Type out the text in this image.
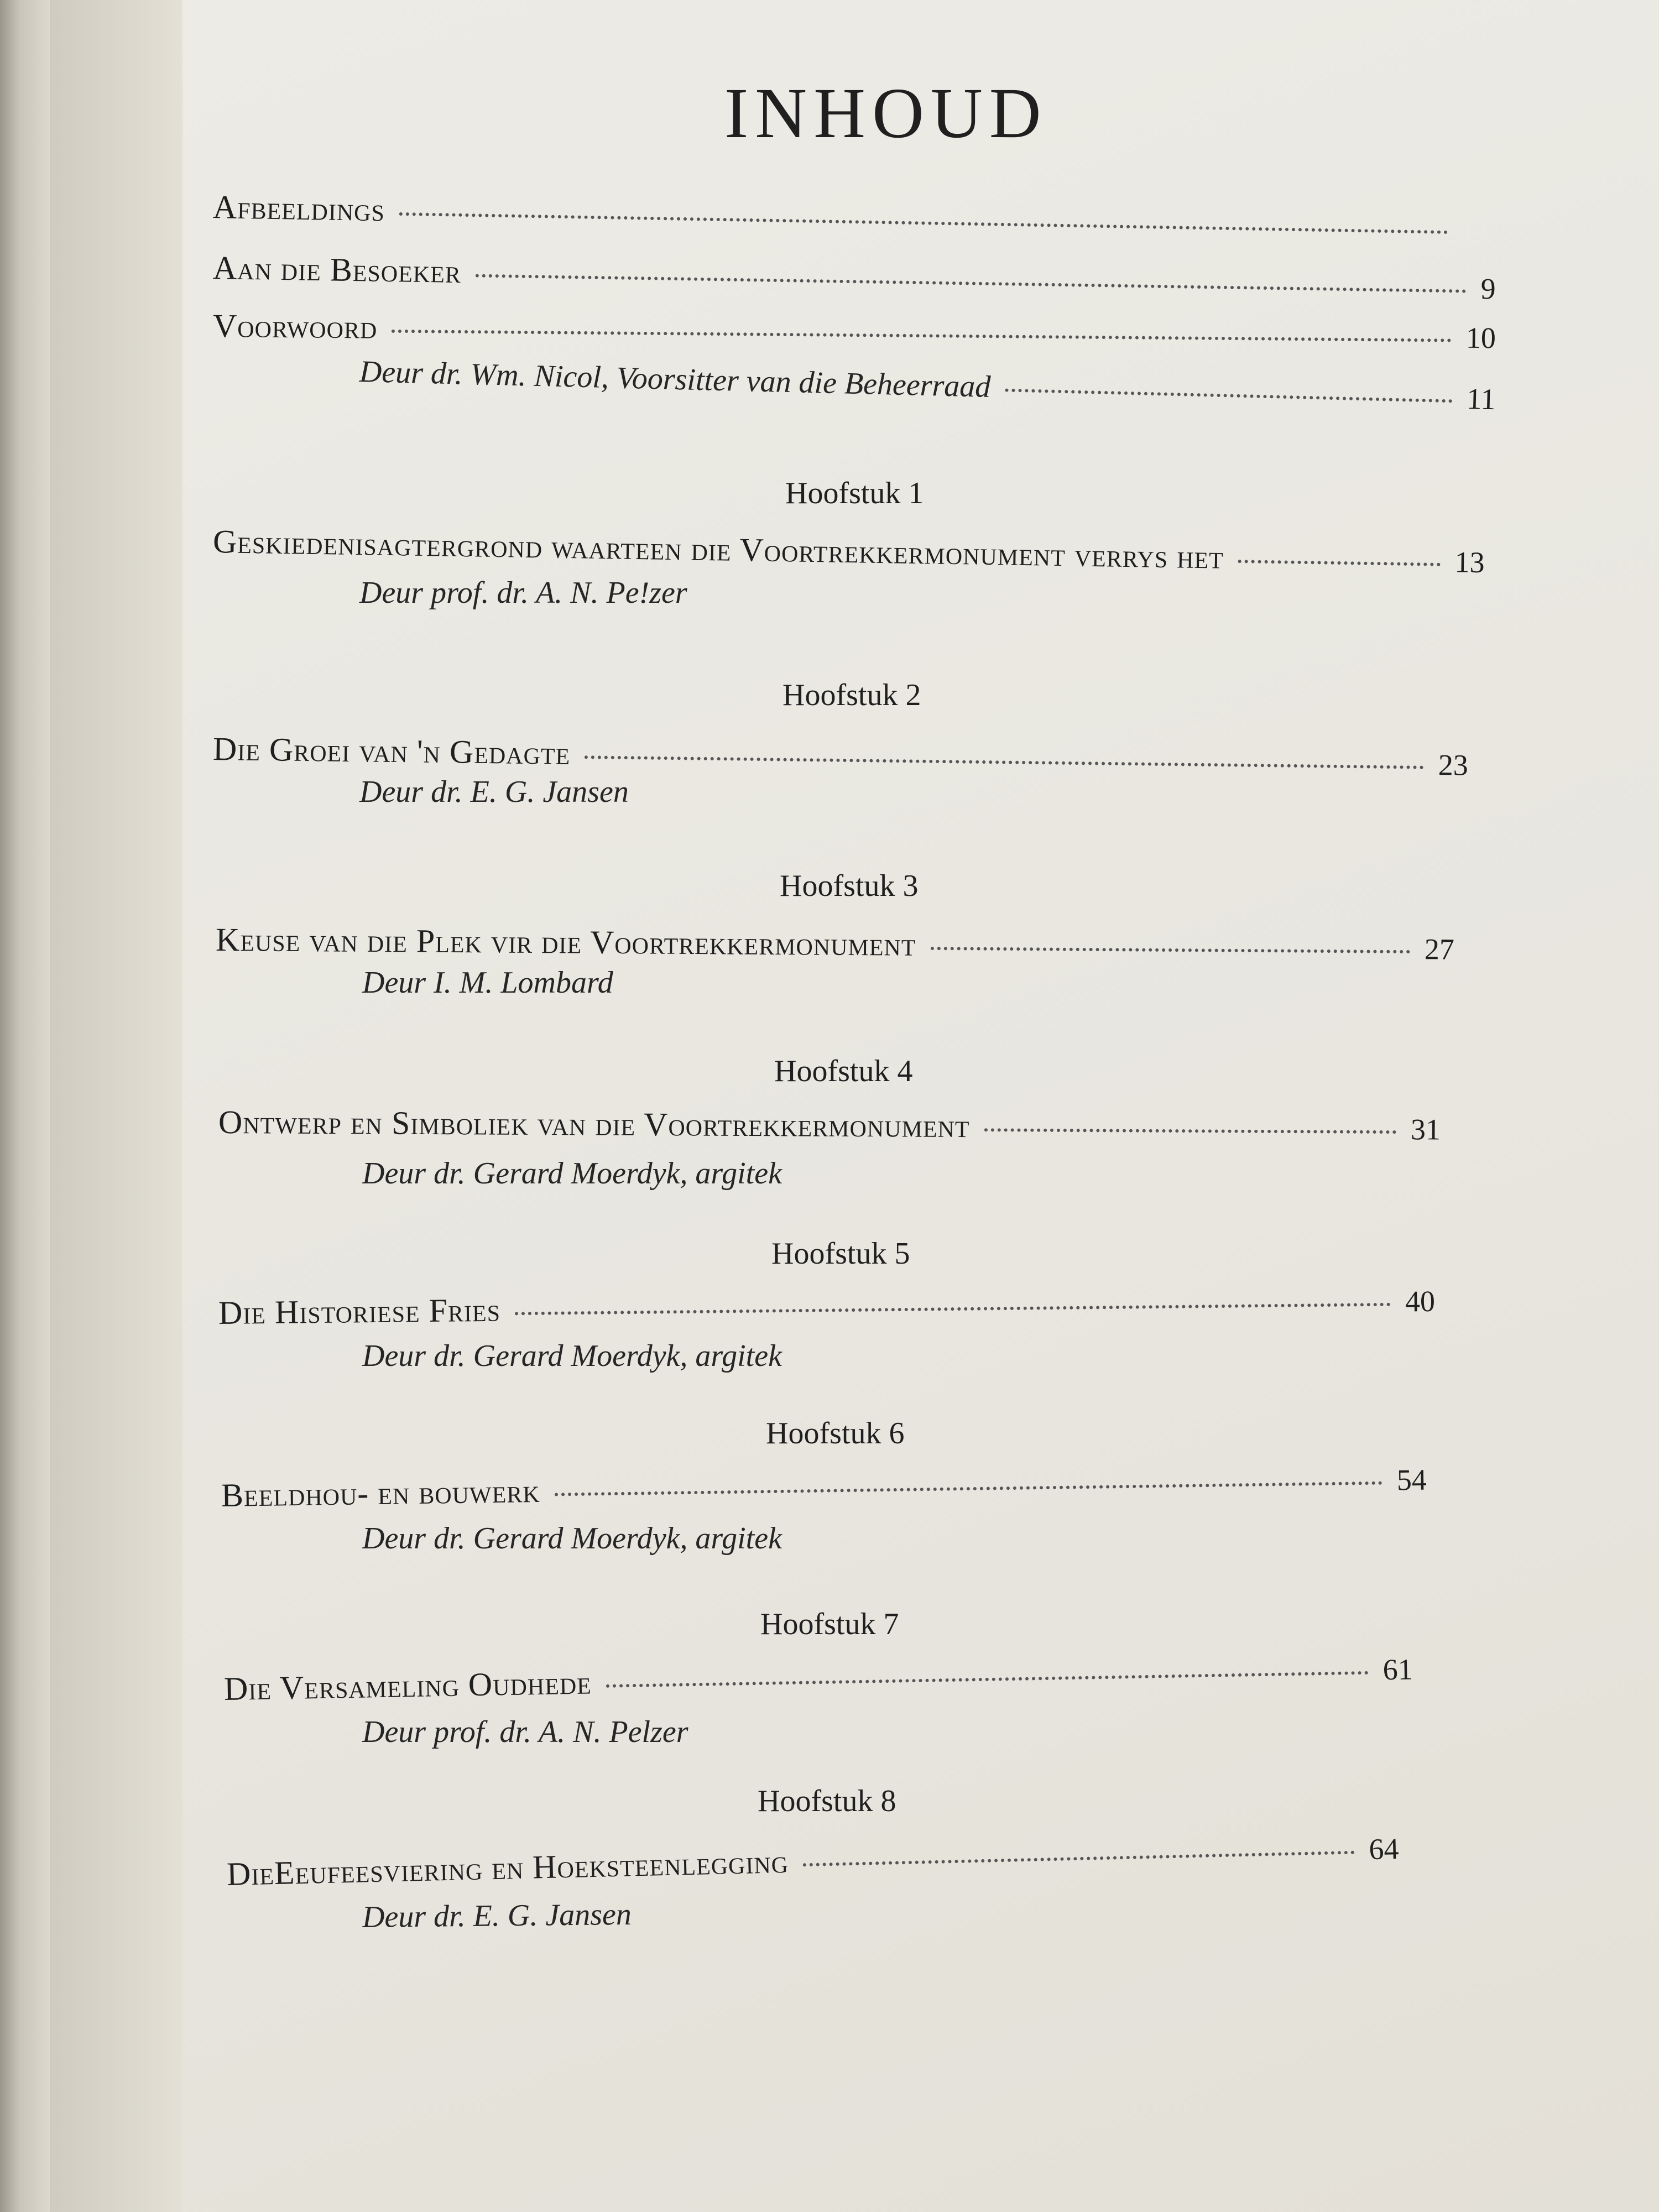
INHOUD
Afbeeldings
Aan die Besoeker	9
Voorwoord	10
Deur dr. Wm. Nicol, Voorsitter van die Beheerraad	11
Hoofstuk 1
Geskiedenisagtergrond waarteen die Voortrekkermonument verrys het	13
Deur prof. dr. A. N. Pe!zer
Hoofstuk 2
Die Groei van 'n Gedagte	23
Deur dr. E. G. Jansen
Hoofstuk 3
Keuse van die Plek vir die Voortrekkermonument	27
Deur I. M. Lombard
Hoofstuk 4
Ontwerp en Simboliek van die Voortrekkermonument	31
Deur dr. Gerard Moerdyk, argitek
Hoofstuk 5
Die Historiese Fries	40
Deur dr. Gerard Moerdyk, argitek
Hoofstuk 6
Beeldhou- en bouwerk	54
Deur dr. Gerard Moerdyk, argitek
Hoofstuk 7
Die Versameling Oudhede	61
Deur prof. dr. A. N. Pelzer
Hoofstuk 8
DieEeufeesviering en Hoeksteenlegging	64
Deur dr. E. G. Jansen
